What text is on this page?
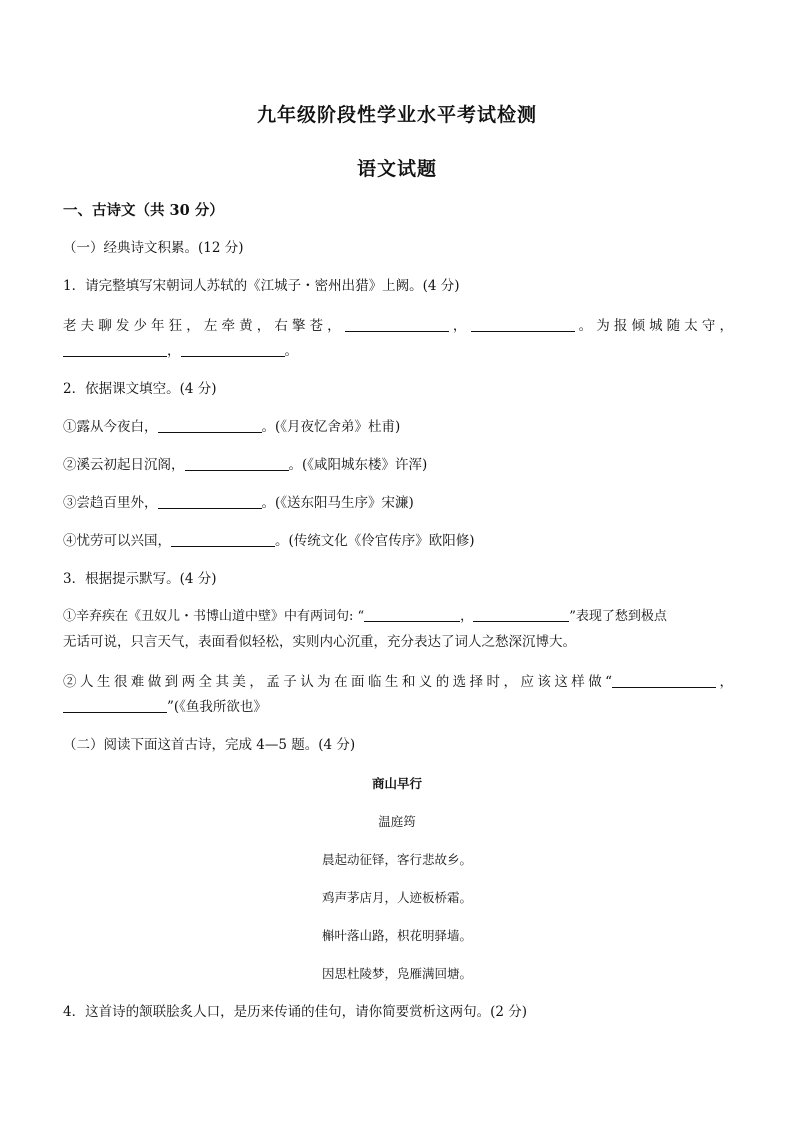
九年级阶段性学业水平考试检测
语文试题
一、古诗文（共 30 分）
（一）经典诗文积累。(12 分)
1．请完整填写宋朝词人苏轼的《江城子・密州出猎》上阙。(4 分)
老夫聊发少年狂，左牵黄，右擎苍，	，	。为报倾城随太守，
，	。
2．依据课文填空。(4 分)
①露从今夜白，	。(《月夜忆舍弟》杜甫)
②溪云初起日沉阁，	。(《咸阳城东楼》许浑)
③尝趋百里外，	。(《送东阳马生序》宋濂)
④忧劳可以兴国，	。(传统文化《伶官传序》欧阳修)
3．根据提示默写。(4 分)
①辛弃疾在《丑奴儿・书博山道中壁》中有两词句: “	，	”表现了愁到极点
无话可说，只言天气，表面看似轻松，实则内心沉重，充分表达了词人之愁深沉博大。
②人生很难做到两全其美，孟子认为在面临生和义的选择时，应该这样做“	，
”(《鱼我所欲也》
（二）阅读下面这首古诗，完成 4—5 题。(4 分)
商山早行
温庭筠
晨起动征铎，客行悲故乡。
鸡声茅店月，人迹板桥霜。
槲叶落山路，枳花明驿墙。
因思杜陵梦，凫雁满回塘。
4．这首诗的颔联脍炙人口，是历来传诵的佳句，请你简要赏析这两句。(2 分)
